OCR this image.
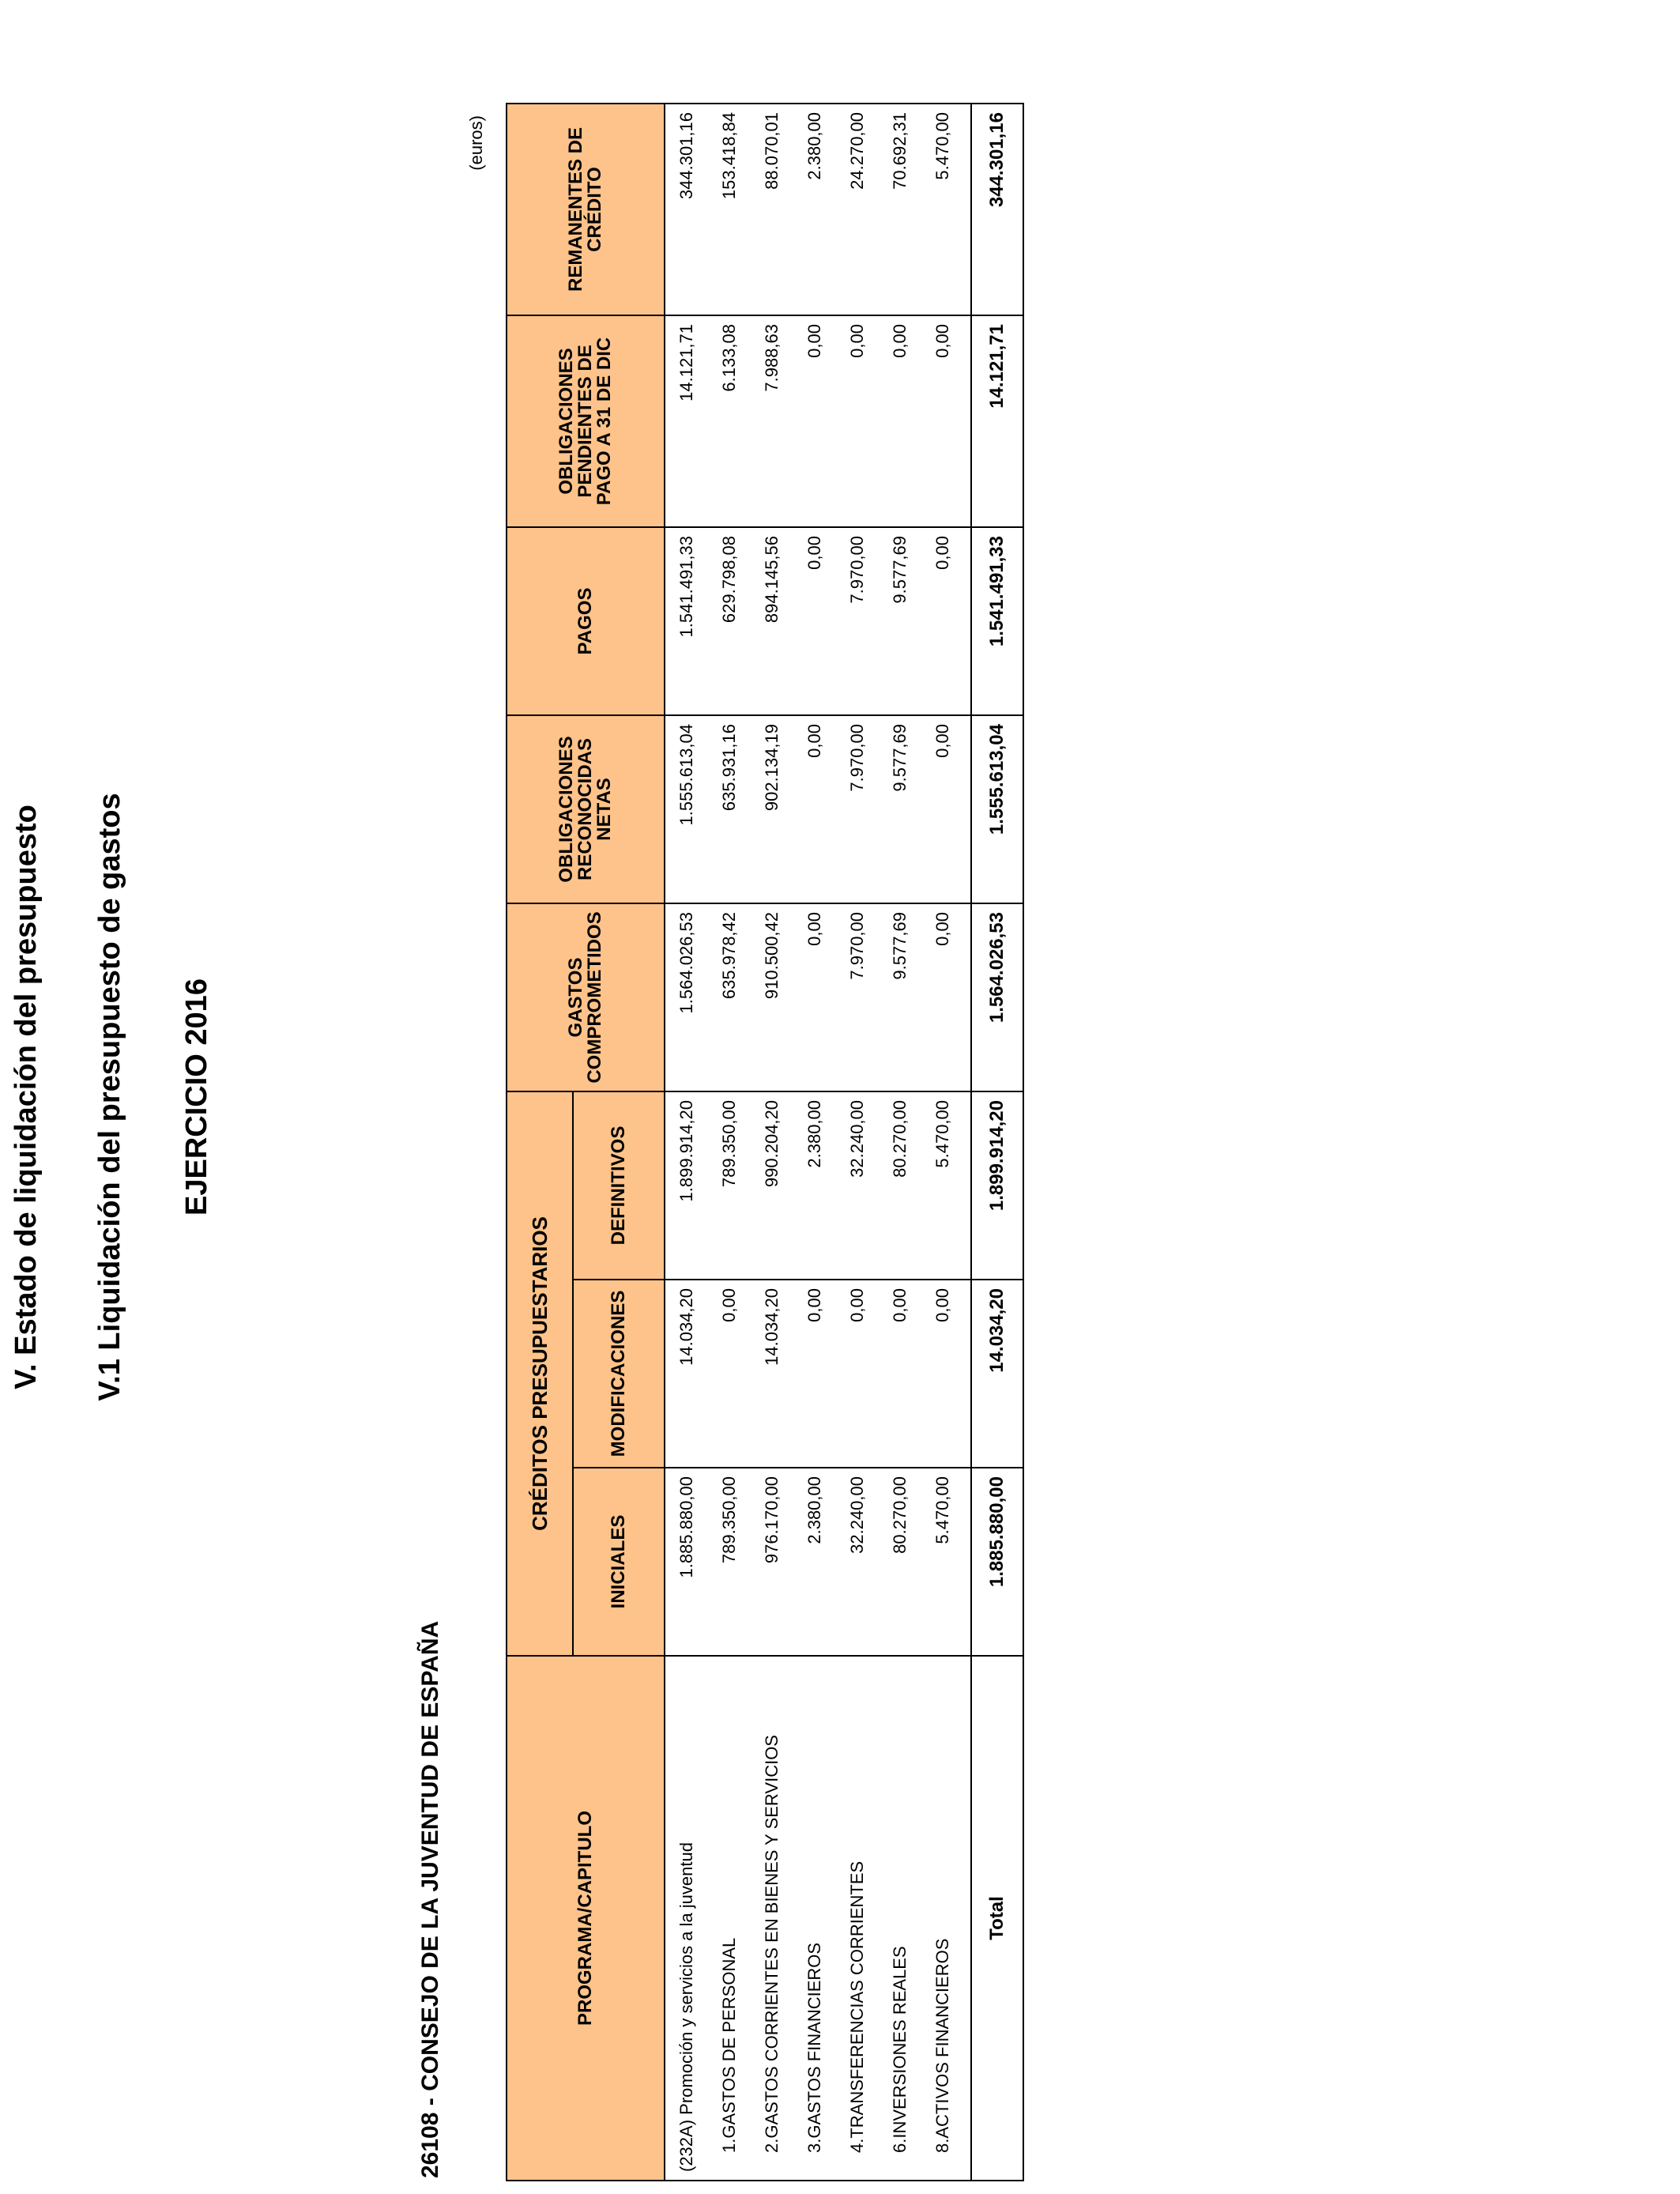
V. Estado de liquidación del presupuesto V.1 Liquidación del presupuesto de gastos EJERCICIO 2016
26108 - CONSEJO DE LA JUVENTUD DE ESPAÑA
(euros)
PROGRAMA/CAPITULO	CRÉDITOS PRESUPUESTARIOS			GASTOS COMPROMETIDOS	OBLIGACIONES RECONOCIDAS NETAS	PAGOS	OBLIGACIONES PENDIENTES DE PAGO A 31 DE DIC	REMANENTES DE CRÉDITO
	INICIALES	MODIFICACIONES	DEFINITIVOS					
(232A) Promoción y servicios a la juventud	1.885.880,00	14.034,20	1.899.914,20	1.564.026,53	1.555.613,04	1.541.491,33	14.121,71	344.301,16
1.GASTOS DE PERSONAL	789.350,00	0,00	789.350,00	635.978,42	635.931,16	629.798,08	6.133,08	153.418,84
2.GASTOS CORRIENTES EN BIENES Y SERVICIOS	976.170,00	14.034,20	990.204,20	910.500,42	902.134,19	894.145,56	7.988,63	88.070,01
3.GASTOS FINANCIEROS	2.380,00	0,00	2.380,00	0,00	0,00	0,00	0,00	2.380,00
4.TRANSFERENCIAS CORRIENTES	32.240,00	0,00	32.240,00	7.970,00	7.970,00	7.970,00	0,00	24.270,00
6.INVERSIONES REALES	80.270,00	0,00	80.270,00	9.577,69	9.577,69	9.577,69	0,00	70.692,31
8.ACTIVOS FINANCIEROS	5.470,00	0,00	5.470,00	0,00	0,00	0,00	0,00	5.470,00
Total	1.885.880,00	14.034,20	1.899.914,20	1.564.026,53	1.555.613,04	1.541.491,33	14.121,71	344.301,16
